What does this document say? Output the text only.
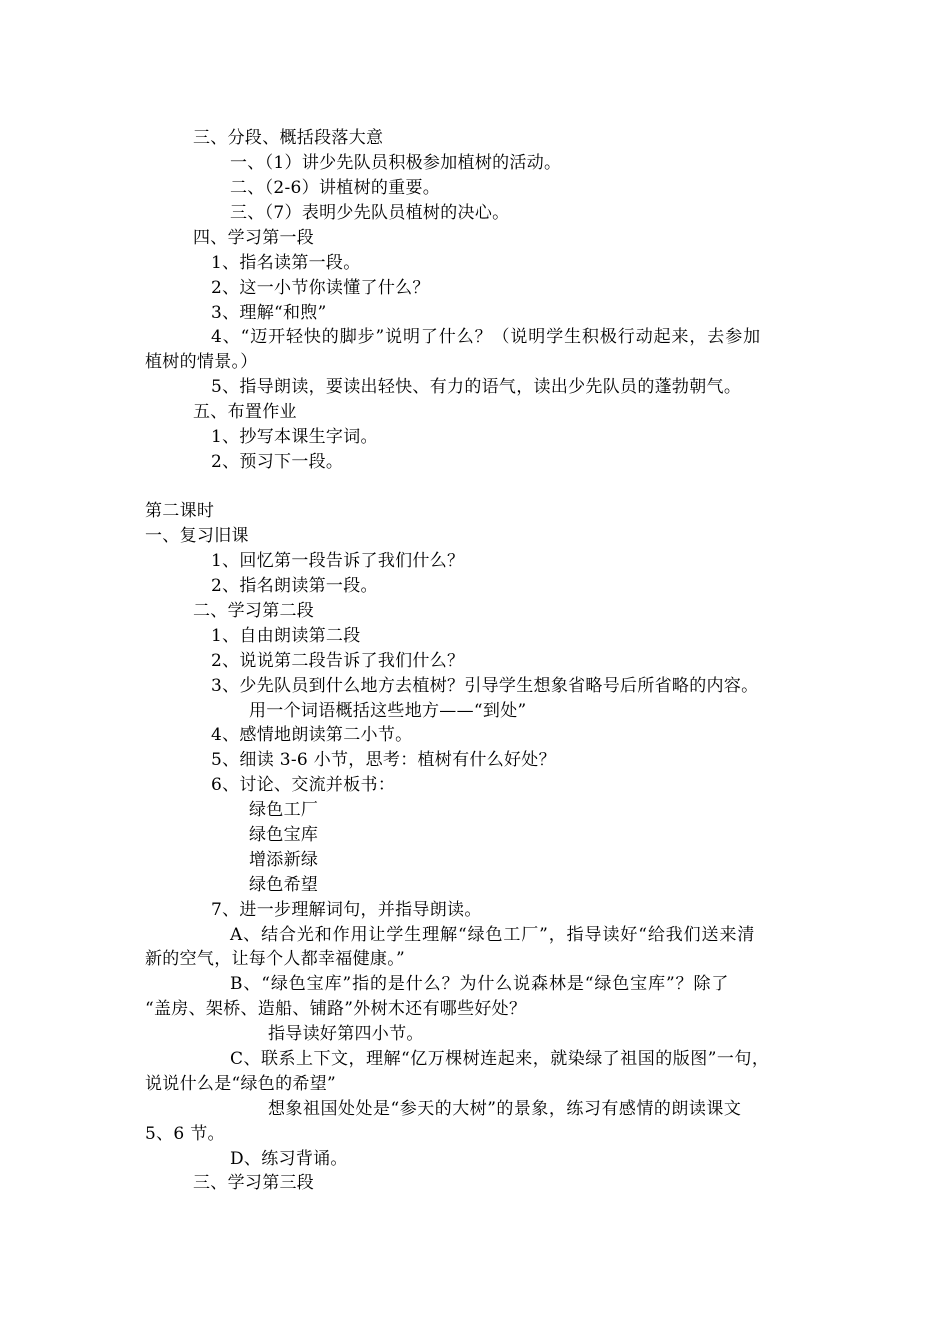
三、分段、概括段落大意
一、（1）讲少先队员积极参加植树的活动。
二、（2-6）讲植树的重要。
三、（7）表明少先队员植树的决心。
四、学习第一段
1、指名读第一段。
2、这一小节你读懂了什么？
3、理解“和煦”
4、“迈开轻快的脚步”说明了什么？（说明学生积极行动起来，去参加
植树的情景。）
5、指导朗读，要读出轻快、有力的语气，读出少先队员的蓬勃朝气。
五、布置作业
1、抄写本课生字词。
2、预习下一段。
第二课时
一、复习旧课
1、回忆第一段告诉了我们什么？
2、指名朗读第一段。
二、学习第二段
1、自由朗读第二段
2、说说第二段告诉了我们什么？
3、少先队员到什么地方去植树？引导学生想象省略号后所省略的内容。
用一个词语概括这些地方——“到处”
4、感情地朗读第二小节。
5、细读 3-6 小节，思考：植树有什么好处？
6、讨论、交流并板书：
绿色工厂
绿色宝库
增添新绿
绿色希望
7、进一步理解词句，并指导朗读。
A、结合光和作用让学生理解“绿色工厂”，指导读好“给我们送来清
新的空气，让每个人都幸福健康。”
B、“绿色宝库”指的是什么？为什么说森林是“绿色宝库”？除了
“盖房、架桥、造船、铺路”外树木还有哪些好处？
指导读好第四小节。
C、联系上下文，理解“亿万棵树连起来，就染绿了祖国的版图”一句，
说说什么是“绿色的希望”
想象祖国处处是“参天的大树”的景象，练习有感情的朗读课文
5、6 节。
D、练习背诵。
三、学习第三段
